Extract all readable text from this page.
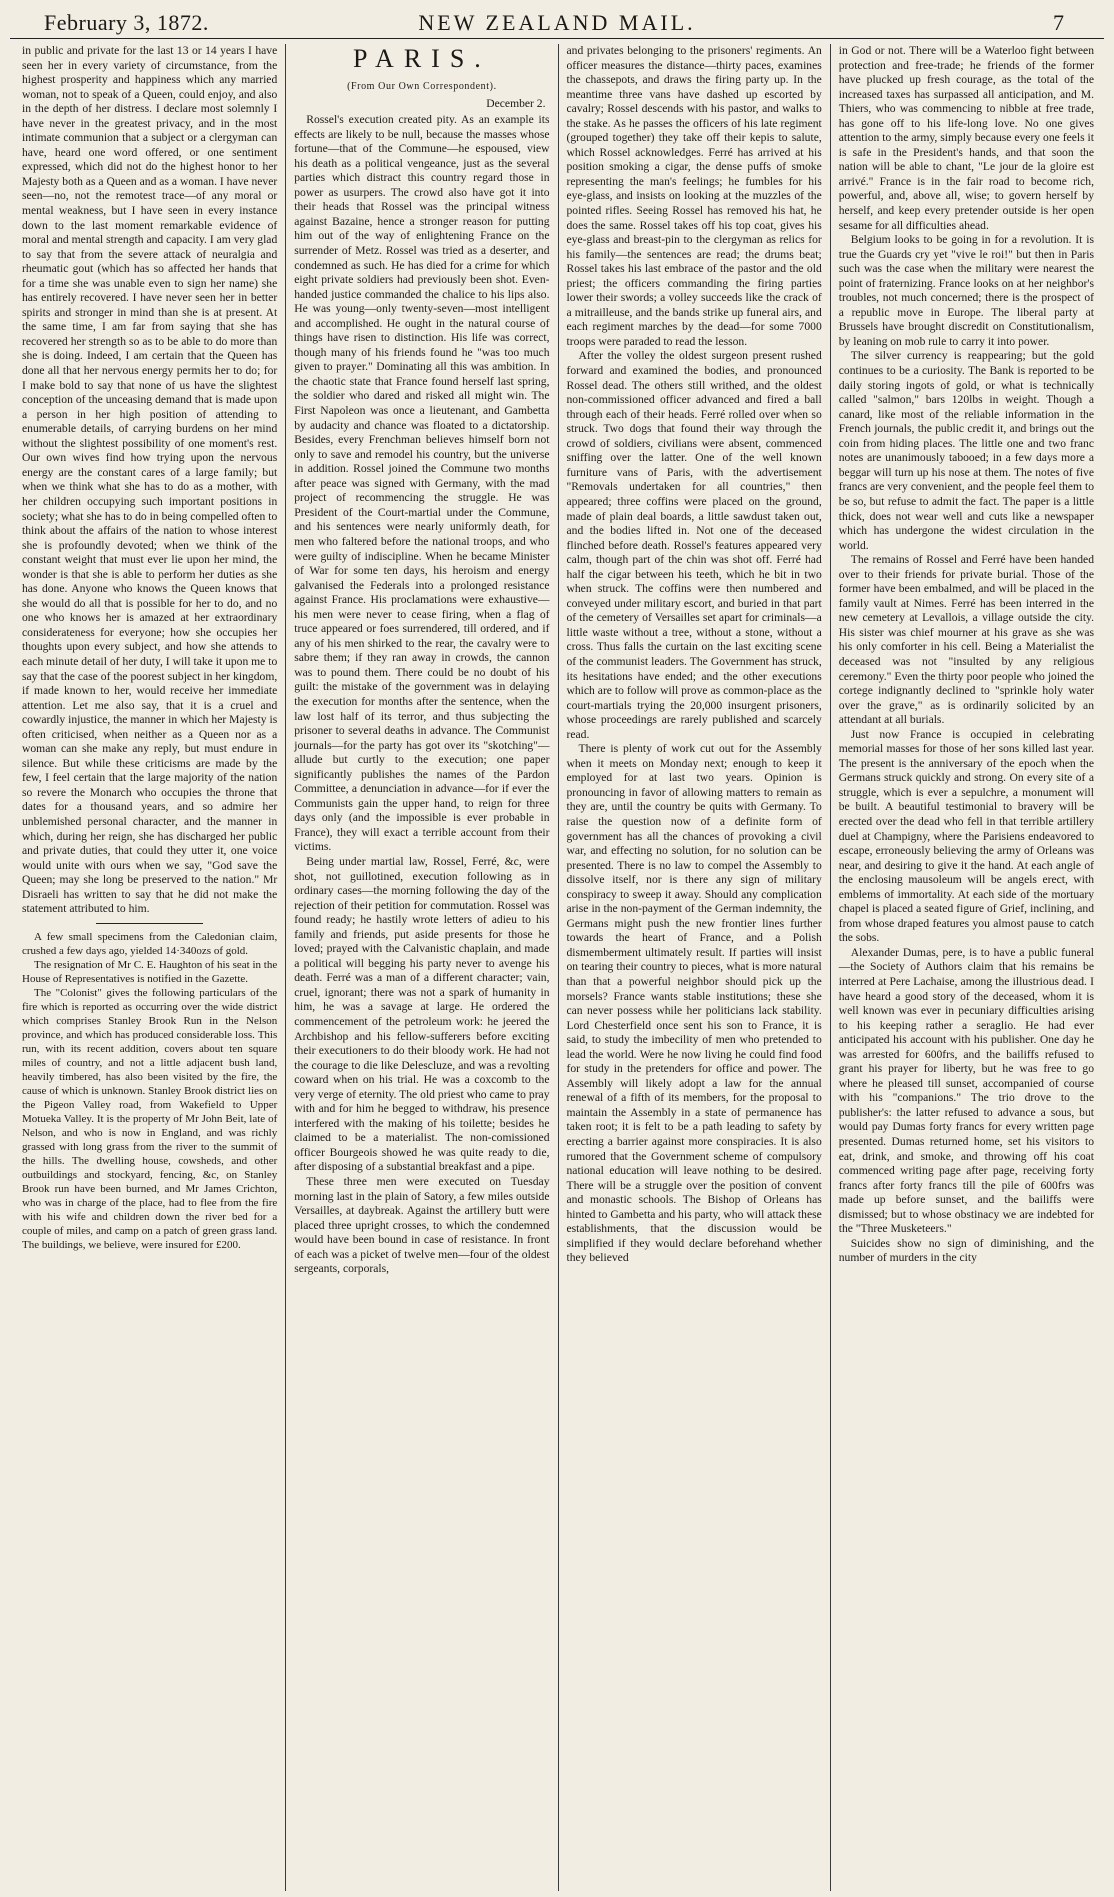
February 3, 1872.	NEW ZEALAND MAIL.	7

in public and private for the last 13 or 14 years I have seen her in every variety of circumstance, from the highest prosperity and happiness which any married woman, not to speak of a Queen, could enjoy, and also in the depth of her distress. I declare most solemnly I have never in the greatest privacy, and in the most intimate communion that a subject or a clergyman can have, heard one word offered, or one sentiment expressed, which did not do the highest honor to her Majesty both as a Queen and as a woman. I have never seen—no, not the remotest trace—of any moral or mental weakness, but I have seen in every instance down to the last moment remarkable evidence of moral and mental strength and capacity. I am very glad to say that from the severe attack of neuralgia and rheumatic gout (which has so affected her hands that for a time she was unable even to sign her name) she has entirely recovered. I have never seen her in better spirits and stronger in mind than she is at present. At the same time, I am far from saying that she has recovered her strength so as to be able to do more than she is doing. Indeed, I am certain that the Queen has done all that her nervous energy permits her to do; for I make bold to say that none of us have the slightest conception of the unceasing demand that is made upon a person in her high position of attending to enumerable details, of carrying burdens on her mind without the slightest possibility of one moment's rest. Our own wives find how trying upon the nervous energy are the constant cares of a large family; but when we think what she has to do as a mother, with her children occupying such important positions in society; what she has to do in being compelled often to think about the affairs of the nation to whose interest she is profoundly devoted; when we think of the constant weight that must ever lie upon her mind, the wonder is that she is able to perform her duties as she has done. Anyone who knows the Queen knows that she would do all that is possible for her to do, and no one who knows her is amazed at her extraordinary considerateness for everyone; how she occupies her thoughts upon every subject, and how she attends to each minute detail of her duty, I will take it upon me to say that the case of the poorest subject in her kingdom, if made known to her, would receive her immediate attention. Let me also say, that it is a cruel and cowardly injustice, the manner in which her Majesty is often criticised, when neither as a Queen nor as a woman can she make any reply, but must endure in silence. But while these criticisms are made by the few, I feel certain that the large majority of the nation so revere the Monarch who occupies the throne that dates for a thousand years, and so admire her unblemished personal character, and the manner in which, during her reign, she has discharged her public and private duties, that could they utter it, one voice would unite with ours when we say, "God save the Queen; may she long be preserved to the nation." Mr Disraeli has written to say that he did not make the statement attributed to him.

A few small specimens from the Caledonian claim, crushed a few days ago, yielded 14·340ozs of gold.

The resignation of Mr C. E. Haughton of his seat in the House of Representatives is notified in the Gazette.

The "Colonist" gives the following particulars of the fire which is reported as occurring over the wide district which comprises Stanley Brook Run in the Nelson province, and which has produced considerable loss. This run, with its recent addition, covers about ten square miles of country, and not a little adjacent bush land, heavily timbered, has also been visited by the fire, the cause of which is unknown. Stanley Brook district lies on the Pigeon Valley road, from Wakefield to Upper Motueka Valley. It is the property of Mr John Beit, late of Nelson, and who is now in England, and was richly grassed with long grass from the river to the summit of the hills. The dwelling house, cowsheds, and other outbuildings and stockyard, fencing, &c, on Stanley Brook run have been burned, and Mr James Crichton, who was in charge of the place, had to flee from the fire with his wife and children down the river bed for a couple of miles, and camp on a patch of green grass land. The buildings, we believe, were insured for £200.

PARIS.
(From Our Own Correspondent).
December 2.

Rossel's execution created pity. As an example its effects are likely to be null, because the masses whose fortune—that of the Commune—he espoused, view his death as a political vengeance, just as the several parties which distract this country regard those in power as usurpers. The crowd also have got it into their heads that Rossel was the principal witness against Bazaine, hence a stronger reason for putting him out of the way of enlightening France on the surrender of Metz. Rossel was tried as a deserter, and condemned as such. He has died for a crime for which eight private soldiers had previously been shot. Even-handed justice commanded the chalice to his lips also. He was young—only twenty-seven—most intelligent and accomplished. He ought in the natural course of things have risen to distinction. His life was correct, though many of his friends found he "was too much given to prayer." Dominating all this was ambition. In the chaotic state that France found herself last spring, the soldier who dared and risked all might win. The First Napoleon was once a lieutenant, and Gambetta by audacity and chance was floated to a dictatorship. Besides, every Frenchman believes himself born not only to save and remodel his country, but the universe in addition. Rossel joined the Commune two months after peace was signed with Germany, with the mad project of recommencing the struggle. He was President of the Court-martial under the Commune, and his sentences were nearly uniformly death, for men who faltered before the national troops, and who were guilty of indiscipline. When he became Minister of War for some ten days, his heroism and energy galvanised the Federals into a prolonged resistance against France. His proclamations were exhaustive—his men were never to cease firing, when a flag of truce appeared or foes surrendered, till ordered, and if any of his men shirked to the rear, the cavalry were to sabre them; if they ran away in crowds, the cannon was to pound them. There could be no doubt of his guilt: the mistake of the government was in delaying the execution for months after the sentence, when the law lost half of its terror, and thus subjecting the prisoner to several deaths in advance. The Communist journals—for the party has got over its "skotching"—allude but curtly to the execution; one paper significantly publishes the names of the Pardon Committee, a denunciation in advance—for if ever the Communists gain the upper hand, to reign for three days only (and the impossible is ever probable in France), they will exact a terrible account from their victims.

Being under martial law, Rossel, Ferré, &c, were shot, not guillotined, execution following as in ordinary cases—the morning following the day of the rejection of their petition for commutation. Rossel was found ready; he hastily wrote letters of adieu to his family and friends, put aside presents for those he loved; prayed with the Calvanistic chaplain, and made a political will begging his party never to avenge his death. Ferré was a man of a different character; vain, cruel, ignorant; there was not a spark of humanity in him, he was a savage at large. He ordered the commencement of the petroleum work: he jeered the Archbishop and his fellow-sufferers before exciting their executioners to do their bloody work. He had not the courage to die like Delescluze, and was a revolting coward when on his trial. He was a coxcomb to the very verge of eternity. The old priest who came to pray with and for him he begged to withdraw, his presence interfered with the making of his toilette; besides he claimed to be a materialist. The non-comissioned officer Bourgeois showed he was quite ready to die, after disposing of a substantial breakfast and a pipe.

These three men were executed on Tuesday morning last in the plain of Satory, a few miles outside Versailles, at daybreak. Against the artillery butt were placed three upright crosses, to which the condemned would have been bound in case of resistance. In front of each was a picket of twelve men—four of the oldest sergeants, corporals,

and privates belonging to the prisoners' regiments. An officer measures the distance—thirty paces, examines the chassepots, and draws the firing party up. In the meantime three vans have dashed up escorted by cavalry; Rossel descends with his pastor, and walks to the stake. As he passes the officers of his late regiment (grouped together) they take off their kepis to salute, which Rossel acknowledges. Ferré has arrived at his position smoking a cigar, the dense puffs of smoke representing the man's feelings; he fumbles for his eye-glass, and insists on looking at the muzzles of the pointed rifles. Seeing Rossel has removed his hat, he does the same. Rossel takes off his top coat, gives his eye-glass and breast-pin to the clergyman as relics for his family—the sentences are read; the drums beat; Rossel takes his last embrace of the pastor and the old priest; the officers commanding the firing parties lower their swords; a volley succeeds like the crack of a mitrailleuse, and the bands strike up funeral airs, and each regiment marches by the dead—for some 7000 troops were paraded to read the lesson.

After the volley the oldest surgeon present rushed forward and examined the bodies, and pronounced Rossel dead. The others still writhed, and the oldest non-commissioned officer advanced and fired a ball through each of their heads. Ferré rolled over when so struck. Two dogs that found their way through the crowd of soldiers, civilians were absent, commenced sniffing over the latter. One of the well known furniture vans of Paris, with the advertisement "Removals undertaken for all countries," then appeared; three coffins were placed on the ground, made of plain deal boards, a little sawdust taken out, and the bodies lifted in. Not one of the deceased flinched before death. Rossel's features appeared very calm, though part of the chin was shot off. Ferré had half the cigar between his teeth, which he bit in two when struck. The coffins were then numbered and conveyed under military escort, and buried in that part of the cemetery of Versailles set apart for criminals—a little waste without a tree, without a stone, without a cross. Thus falls the curtain on the last exciting scene of the communist leaders. The Government has struck, its hesitations have ended; and the other executions which are to follow will prove as common-place as the court-martials trying the 20,000 insurgent prisoners, whose proceedings are rarely published and scarcely read.

There is plenty of work cut out for the Assembly when it meets on Monday next; enough to keep it employed for at last two years. Opinion is pronouncing in favor of allowing matters to remain as they are, until the country be quits with Germany. To raise the question now of a definite form of government has all the chances of provoking a civil war, and effecting no solution, for no solution can be presented. There is no law to compel the Assembly to dissolve itself, nor is there any sign of military conspiracy to sweep it away. Should any complication arise in the non-payment of the German indemnity, the Germans might push the new frontier lines further towards the heart of France, and a Polish dismemberment ultimately result. If parties will insist on tearing their country to pieces, what is more natural than that a powerful neighbor should pick up the morsels? France wants stable institutions; these she can never possess while her politicians lack stability. Lord Chesterfield once sent his son to France, it is said, to study the imbecility of men who pretended to lead the world. Were he now living he could find food for study in the pretenders for office and power. The Assembly will likely adopt a law for the annual renewal of a fifth of its members, for the proposal to maintain the Assembly in a state of permanence has taken root; it is felt to be a path leading to safety by erecting a barrier against more conspiracies. It is also rumored that the Government scheme of compulsory national education will leave nothing to be desired. There will be a struggle over the position of convent and monastic schools. The Bishop of Orleans has hinted to Gambetta and his party, who will attack these establishments, that the discussion would be simplified if they would declare beforehand whether they believed

in God or not. There will be a Waterloo fight between protection and free-trade; he friends of the former have plucked up fresh courage, as the total of the increased taxes has surpassed all anticipation, and M. Thiers, who was commencing to nibble at free trade, has gone off to his life-long love. No one gives attention to the army, simply because every one feels it is safe in the President's hands, and that soon the nation will be able to chant, "Le jour de la gloire est arrivé." France is in the fair road to become rich, powerful, and, above all, wise; to govern herself by herself, and keep every pretender outside is her open sesame for all difficulties ahead.

Belgium looks to be going in for a revolution. It is true the Guards cry yet "vive le roi!" but then in Paris such was the case when the military were nearest the point of fraternizing. France looks on at her neighbor's troubles, not much concerned; there is the prospect of a republic move in Europe. The liberal party at Brussels have brought discredit on Constitutionalism, by leaning on mob rule to carry it into power.

The silver currency is reappearing; but the gold continues to be a curiosity. The Bank is reported to be daily storing ingots of gold, or what is technically called "salmon," bars 120lbs in weight. Though a canard, like most of the reliable information in the French journals, the public credit it, and brings out the coin from hiding places. The little one and two franc notes are unanimously tabooed; in a few days more a beggar will turn up his nose at them. The notes of five francs are very convenient, and the people feel them to be so, but refuse to admit the fact. The paper is a little thick, does not wear well and cuts like a newspaper which has undergone the widest circulation in the world.

The remains of Rossel and Ferré have been handed over to their friends for private burial. Those of the former have been embalmed, and will be placed in the family vault at Nimes. Ferré has been interred in the new cemetery at Levallois, a village outside the city. His sister was chief mourner at his grave as she was his only comforter in his cell. Being a Materialist the deceased was not "insulted by any religious ceremony." Even the thirty poor people who joined the cortege indignantly declined to "sprinkle holy water over the grave," as is ordinarily solicited by an attendant at all burials.

Just now France is occupied in celebrating memorial masses for those of her sons killed last year. The present is the anniversary of the epoch when the Germans struck quickly and strong. On every site of a struggle, which is ever a sepulchre, a monument will be built. A beautiful testimonial to bravery will be erected over the dead who fell in that terrible artillery duel at Champigny, where the Parisiens endeavored to escape, erroneously believing the army of Orleans was near, and desiring to give it the hand. At each angle of the enclosing mausoleum will be angels erect, with emblems of immortality. At each side of the mortuary chapel is placed a seated figure of Grief, inclining, and from whose draped features you almost pause to catch the sobs.

Alexander Dumas, pere, is to have a public funeral—the Society of Authors claim that his remains be interred at Pere Lachaise, among the illustrious dead. I have heard a good story of the deceased, whom it is well known was ever in pecuniary difficulties arising to his keeping rather a seraglio. He had ever anticipated his account with his publisher. One day he was arrested for 600frs, and the bailiffs refused to grant his prayer for liberty, but he was free to go where he pleased till sunset, accompanied of course with his "companions." The trio drove to the publisher's: the latter refused to advance a sous, but would pay Dumas forty francs for every written page presented. Dumas returned home, set his visitors to eat, drink, and smoke, and throwing off his coat commenced writing page after page, receiving forty francs after forty francs till the pile of 600frs was made up before sunset, and the bailiffs were dismissed; but to whose obstinacy we are indebted for the "Three Musketeers."

Suicides show no sign of diminishing, and the number of murders in the city
